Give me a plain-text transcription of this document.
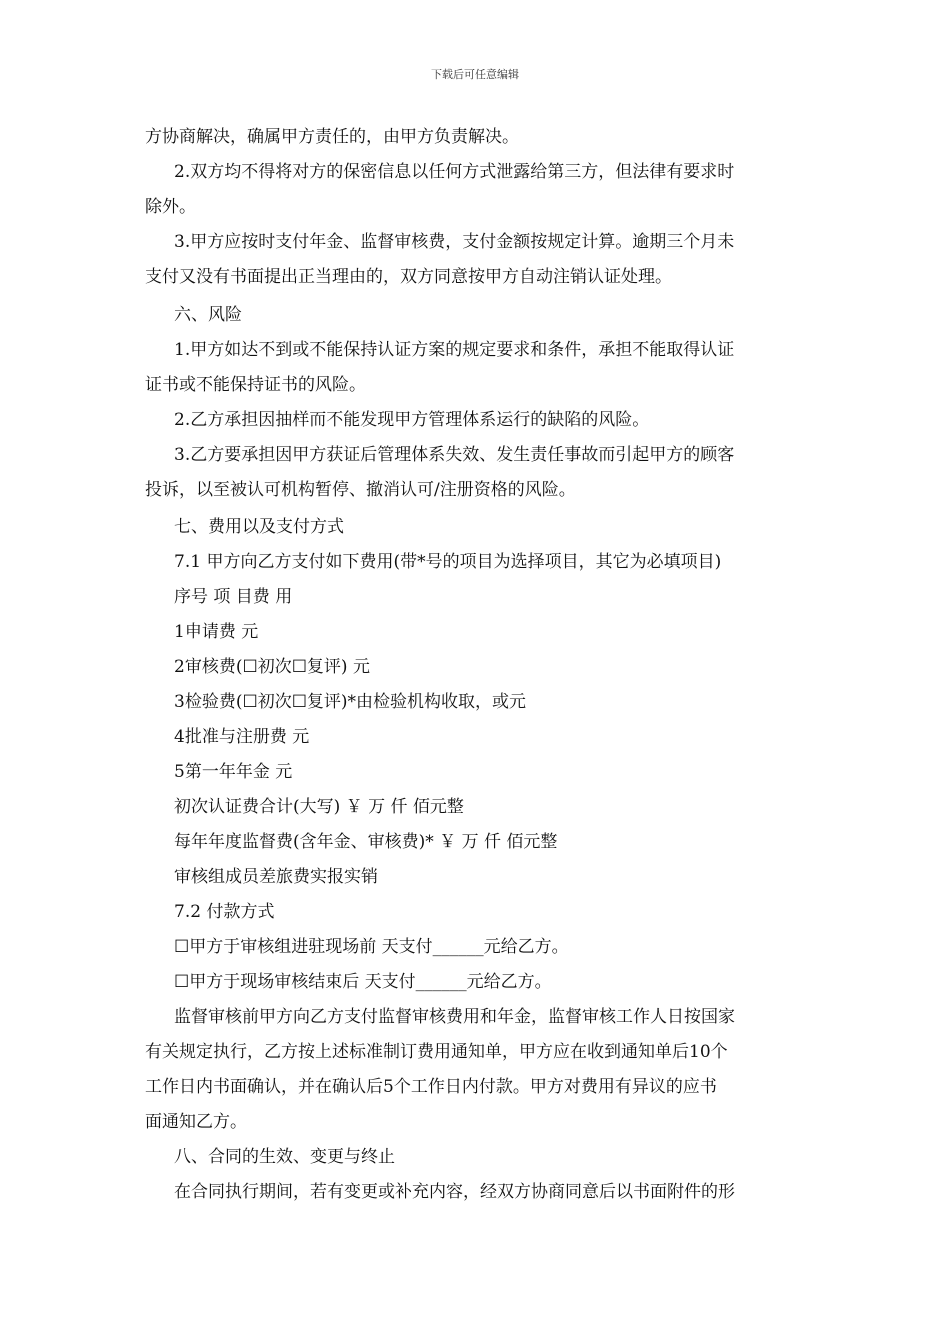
下载后可任意编辑
方协商解决，确属甲方责任的，由甲方负责解决。
2.双方均不得将对方的保密信息以任何方式泄露给第三方，但法律有要求时
除外。
3.甲方应按时支付年金、监督审核费，支付金额按规定计算。逾期三个月未
支付又没有书面提出正当理由的，双方同意按甲方自动注销认证处理。
六、风险
1.甲方如达不到或不能保持认证方案的规定要求和条件，承担不能取得认证
证书或不能保持证书的风险。
2.乙方承担因抽样而不能发现甲方管理体系运行的缺陷的风险。
3.乙方要承担因甲方获证后管理体系失效、发生责任事故而引起甲方的顾客
投诉，以至被认可机构暂停、撤消认可/注册资格的风险。
七、费用以及支付方式
7.1 甲方向乙方支付如下费用(带*号的项目为选择项目，其它为必填项目)
序号 项 目费 用
1申请费 元
2审核费(☐初次☐复评) 元
3检验费(☐初次☐复评)*由检验机构收取，或元
4批准与注册费 元
5第一年年金 元
初次认证费合计(大写) ￥ 万 仟 佰元整
每年年度监督费(含年金、审核费)* ￥ 万 仟 佰元整
审核组成员差旅费实报实销
7.2 付款方式
☐甲方于审核组进驻现场前 天支付______元给乙方。
☐甲方于现场审核结束后 天支付______元给乙方。
监督审核前甲方向乙方支付监督审核费用和年金，监督审核工作人日按国家
有关规定执行，乙方按上述标准制订费用通知单，甲方应在收到通知单后10个
工作日内书面确认，并在确认后5个工作日内付款。甲方对费用有异议的应书
面通知乙方。
八、合同的生效、变更与终止
在合同执行期间，若有变更或补充内容，经双方协商同意后以书面附件的形
